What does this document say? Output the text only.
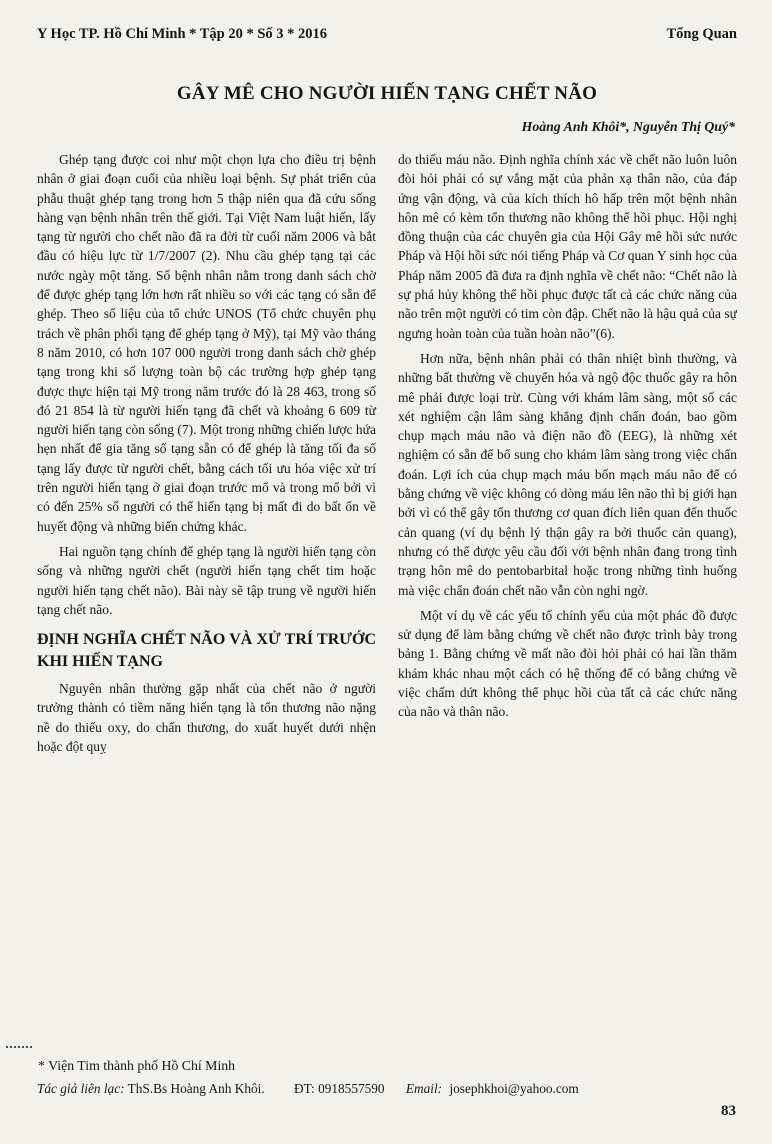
Y Học TP. Hồ Chí Minh * Tập 20 * Số 3 * 2016	Tổng Quan
GÂY MÊ CHO NGƯỜI HIẾN TẠNG CHẾT NÃO
Hoàng Anh Khôi*, Nguyễn Thị Quý*

Ghép tạng được coi như một chọn lựa cho điều trị bệnh nhân ở giai đoạn cuối của nhiều loại bệnh. Sự phát triển của phẫu thuật ghép tạng trong hơn 5 thập niên qua đã cứu sống hàng vạn bệnh nhân trên thế giới. Tại Việt Nam luật hiến, lấy tạng từ người cho chết não đã ra đời từ cuối năm 2006 và bắt đầu có hiệu lực từ 1/7/2007 (2). Nhu cầu ghép tạng tại các nước ngày một tăng. Số bệnh nhân nằm trong danh sách chờ để được ghép tạng lớn hơn rất nhiều so với các tạng có sẵn để ghép. Theo số liệu của tổ chức UNOS (Tổ chức chuyên phụ trách về phân phối tạng để ghép tạng ở Mỹ), tại Mỹ vào tháng 8 năm 2010, có hơn 107 000 người trong danh sách chờ ghép tạng trong khi số lượng toàn bộ các trường hợp ghép tạng được thực hiện tại Mỹ trong năm trước đó là 28 463, trong số đó 21 854 là từ người hiến tạng đã chết và khoảng 6 609 từ người hiến tạng còn sống (7). Một trong những chiến lược hứa hẹn nhất để gia tăng số tạng sẵn có để ghép là tăng tối đa số tạng lấy được từ người chết, bằng cách tối ưu hóa việc xử trí trên người hiến tạng ở giai đoạn trước mổ và trong mổ bởi vì có đến 25% số người có thể hiến tạng bị mất đi do bất ổn về huyết động và những biến chứng khác.

Hai nguồn tạng chính để ghép tạng là người hiến tạng còn sống và những người chết (người hiến tạng chết tim hoặc người hiến tạng chết não). Bài này sẽ tập trung về người hiến tạng chết não.

ĐỊNH NGHĨA CHẾT NÃO VÀ XỬ TRÍ TRƯỚC KHI HIẾN TẠNG

Nguyên nhân thường gặp nhất của chết não ở người trưởng thành có tiềm năng hiến tạng là tổn thương não nặng nề do thiếu oxy, do chấn thương, do xuất huyết dưới nhện hoặc đột quỵ

do thiếu máu não. Định nghĩa chính xác về chết não luôn luôn đòi hỏi phải có sự vắng mặt của phản xạ thân não, của đáp ứng vận động, và của kích thích hô hấp trên một bệnh nhân hôn mê có kèm tổn thương não không thể hồi phục. Hội nghị đồng thuận của các chuyên gia của Hội Gây mê hồi sức nước Pháp và Hội hồi sức nói tiếng Pháp và Cơ quan Y sinh học của Pháp năm 2005 đã đưa ra định nghĩa về chết não: “Chết não là sự phá hủy không thể hồi phục được tất cả các chức năng của não trên một người có tim còn đập. Chết não là hậu quả của sự ngưng hoàn toàn của tuần hoàn não”(6).

Hơn nữa, bệnh nhân phải có thân nhiệt bình thường, và những bất thường về chuyển hóa và ngộ độc thuốc gây ra hôn mê phải được loại trừ. Cùng với khám lâm sàng, một số các xét nghiệm cận lâm sàng khẳng định chẩn đoán, bao gồm chụp mạch máu não và điện não đồ (EEG), là những xét nghiệm có sẵn để bổ sung cho khám lâm sàng trong việc chẩn đoán. Lợi ích của chụp mạch máu bốn mạch máu não để có bằng chứng về việc không có dòng máu lên não thì bị giới hạn bởi vì có thể gây tổn thương cơ quan đích liên quan đến thuốc cản quang (ví dụ bệnh lý thận gây ra bởi thuốc cản quang), nhưng có thể được yêu cầu đối với bệnh nhân đang trong tình trạng hôn mê do pentobarbital hoặc trong những tình huống mà việc chẩn đoán chết não vẫn còn nghi ngờ.

Một ví dụ về các yếu tố chính yếu của một phác đồ được sử dụng để làm bằng chứng về chết não được trình bày trong bảng 1. Bằng chứng về mất não đòi hỏi phải có hai lần thăm khám khác nhau một cách có hệ thống để có bằng chứng về việc chấm dứt không thể phục hồi của tất cả các chức năng của não và thân não.

* Viện Tim thành phố Hồ Chí Minh
Tác giả liên lạc: ThS.Bs Hoàng Anh Khôi. ĐT: 0918557590 Email: josephkhoi@yahoo.com
83
